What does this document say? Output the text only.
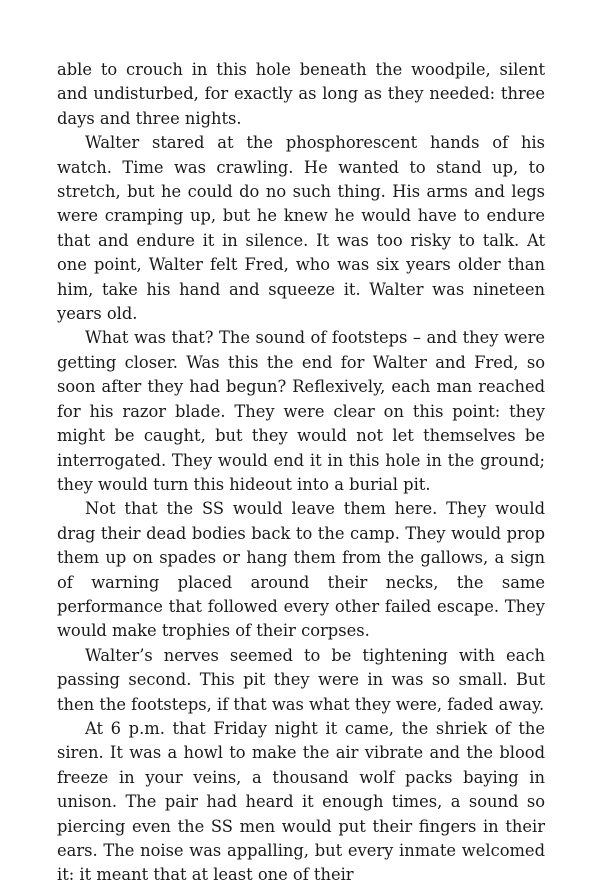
able to crouch in this hole beneath the woodpile, silent and undisturbed, for exactly as long as they needed: three days and three nights.

Walter stared at the phosphorescent hands of his watch. Time was crawling. He wanted to stand up, to stretch, but he could do no such thing. His arms and legs were cramping up, but he knew he would have to endure that and endure it in silence. It was too risky to talk. At one point, Walter felt Fred, who was six years older than him, take his hand and squeeze it. Walter was nineteen years old.

What was that? The sound of footsteps – and they were getting closer. Was this the end for Walter and Fred, so soon after they had begun? Reflexively, each man reached for his razor blade. They were clear on this point: they might be caught, but they would not let themselves be interrogated. They would end it in this hole in the ground; they would turn this hideout into a burial pit.

Not that the SS would leave them here. They would drag their dead bodies back to the camp. They would prop them up on spades or hang them from the gallows, a sign of warning placed around their necks, the same performance that followed every other failed escape. They would make trophies of their corpses.

Walter’s nerves seemed to be tightening with each passing second. This pit they were in was so small. But then the footsteps, if that was what they were, faded away.

At 6 p.m. that Friday night it came, the shriek of the siren. It was a howl to make the air vibrate and the blood freeze in your veins, a thousand wolf packs baying in unison. The pair had heard it enough times, a sound so piercing even the SS men would put their fingers in their ears. The noise was appalling, but every inmate welcomed it: it meant that at least one of their
